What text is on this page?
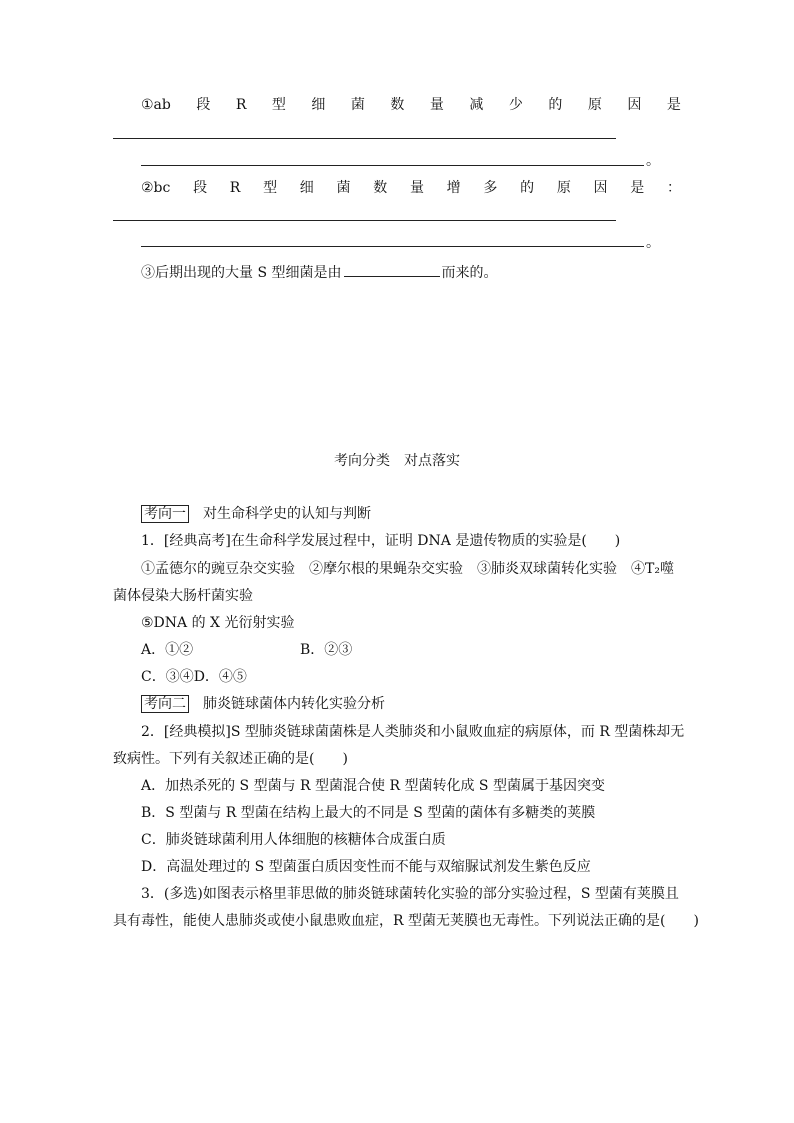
①ab 段 R 型 细 菌 数 量 减 少 的 原 因 是
。
②bc 段 R 型 细 菌 数 量 增 多 的 原 因 是 ：
。
③后期出现的大量 S 型细菌是由	而来的。
考向分类　对点落实
考向一 对生命科学史的认知与判断
1．[经典高考]在生命科学发展过程中，证明 DNA 是遗传物质的实验是(　　)
①孟德尔的豌豆杂交实验　②摩尔根的果蝇杂交实验　③肺炎双球菌转化实验　④T₂噬
菌体侵染大肠杆菌实验
⑤DNA 的 X 光衍射实验
A．①②	B．②③
C．③④D．④⑤
考向二 肺炎链球菌体内转化实验分析
2．[经典模拟]S 型肺炎链球菌菌株是人类肺炎和小鼠败血症的病原体，而 R 型菌株却无
致病性。下列有关叙述正确的是(　　)
A．加热杀死的 S 型菌与 R 型菌混合使 R 型菌转化成 S 型菌属于基因突变
B．S 型菌与 R 型菌在结构上最大的不同是 S 型菌的菌体有多糖类的荚膜
C．肺炎链球菌利用人体细胞的核糖体合成蛋白质
D．高温处理过的 S 型菌蛋白质因变性而不能与双缩脲试剂发生紫色反应
3．(多选)如图表示格里菲思做的肺炎链球菌转化实验的部分实验过程，S 型菌有荚膜且
具有毒性，能使人患肺炎或使小鼠患败血症，R 型菌无荚膜也无毒性。下列说法正确的是(　　)
